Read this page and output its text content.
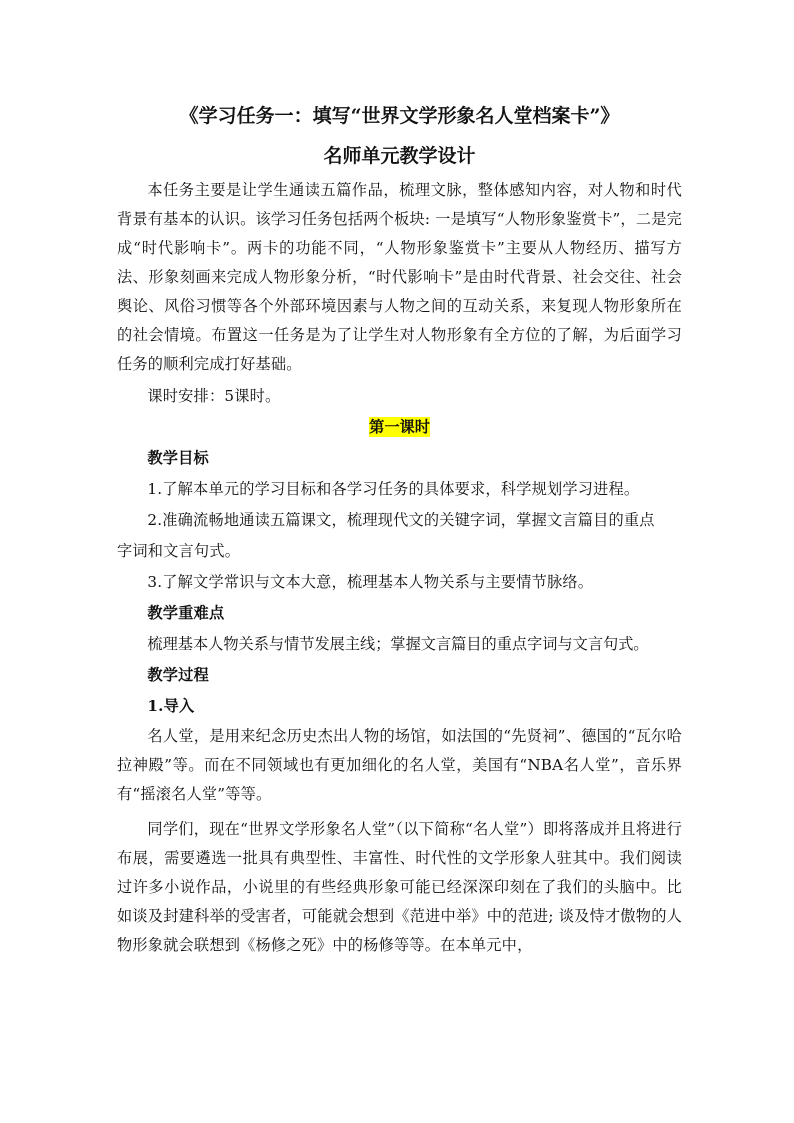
《学习任务一：填写“世界文学形象名人堂档案卡”》

名师单元教学设计

本任务主要是让学生通读五篇作品，梳理文脉，整体感知内容，对人物和时代背景有基本的认识。该学习任务包括两个板块: 一是填写“人物形象鉴赏卡”，二是完成“时代影响卡”。两卡的功能不同，“人物形象鉴赏卡”主要从人物经历、描写方法、形象刻画来完成人物形象分析，“时代影响卡”是由时代背景、社会交往、社会舆论、风俗习惯等各个外部环境因素与人物之间的互动关系，来复现人物形象所在的社会情境。布置这一任务是为了让学生对人物形象有全方位的了解，为后面学习任务的顺利完成打好基础。

课时安排：5课时。

第一课时

教学目标

1.了解本单元的学习目标和各学习任务的具体要求，科学规划学习进程。

2.准确流畅地通读五篇课文，梳理现代文的关键字词，掌握文言篇目的重点

字词和文言句式。

3.了解文学常识与文本大意，梳理基本人物关系与主要情节脉络。

教学重难点

梳理基本人物关系与情节发展主线；掌握文言篇目的重点字词与文言句式。

教学过程

1.导入

名人堂，是用来纪念历史杰出人物的场馆，如法国的“先贤祠”、德国的“瓦尔哈拉神殿”等。而在不同领域也有更加细化的名人堂，美国有“NBA名人堂”，音乐界有“摇滚名人堂”等等。

同学们，现在“世界文学形象名人堂”（以下简称“名人堂”）即将落成并且将进行布展，需要遴选一批具有典型性、丰富性、时代性的文学形象人驻其中。我们阅读过许多小说作品，小说里的有些经典形象可能已经深深印刻在了我们的头脑中。比如谈及封建科举的受害者，可能就会想到《范进中举》中的范进; 谈及恃才傲物的人 物形象就会联想到《杨修之死》中的杨修等等。在本单元中，
